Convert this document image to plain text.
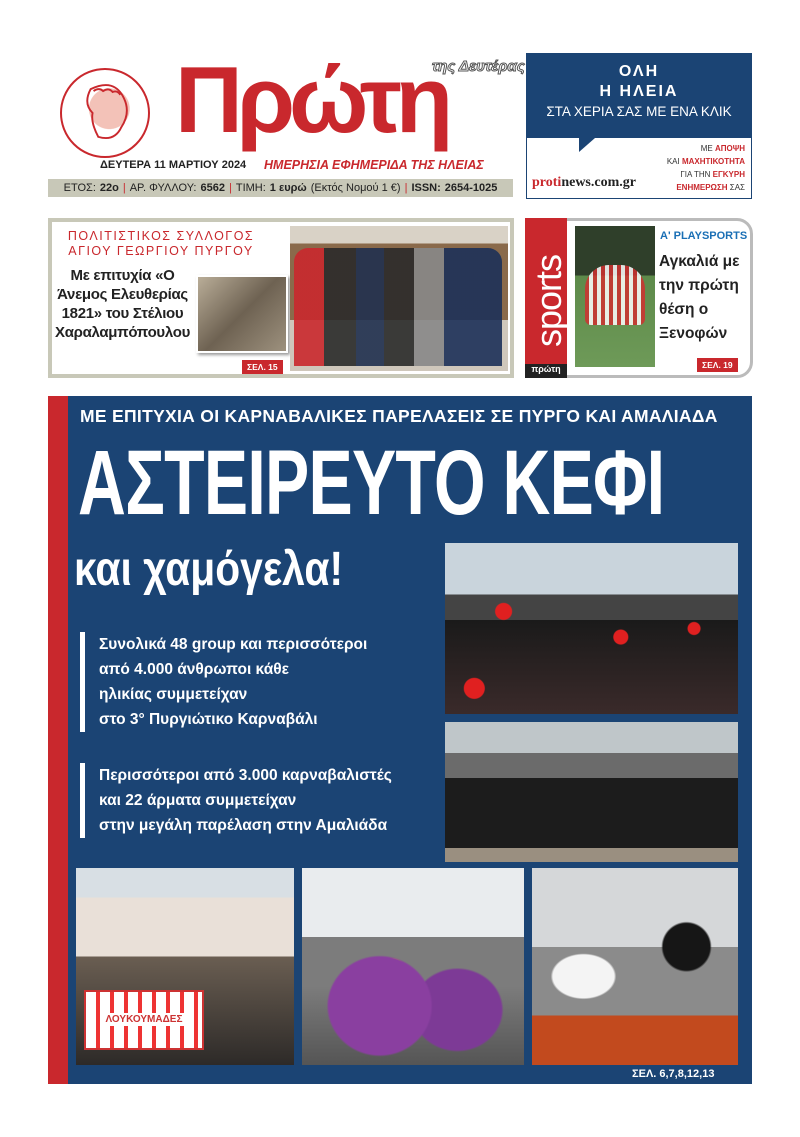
Πρώτη
της Δευτέρας
ΔΕΥΤΕΡΑ 11 ΜΑΡΤΙΟΥ 2024 ΗΜΕΡΗΣΙΑ ΕΦΗΜΕΡΙΔΑ ΤΗΣ ΗΛΕΙΑΣ
ΕΤΟΣ: 22ο | ΑΡ. ΦΥΛΛΟΥ: 6562 | ΤΙΜΗ: 1 ευρώ (Εκτός Νομού 1 €) | ISSN: 2654-1025
ΟΛΗ
Η ΗΛΕΙΑ
ΣΤΑ ΧΕΡΙΑ ΣΑΣ ΜΕ ΕΝΑ ΚΛΙΚ
protinews.com.gr
ΜΕ ΑΠΟΨΗ
ΚΑΙ ΜΑΧΗΤΙΚΟΤΗΤΑ
ΓΙΑ ΤΗΝ ΕΓΚΥΡΗ
ΕΝΗΜΕΡΩΣΗ ΣΑΣ
ΠΟΛΙΤΙΣΤΙΚΟΣ ΣΥΛΛΟΓΟΣ ΑΓΙΟΥ ΓΕΩΡΓΙΟΥ ΠΥΡΓΟΥ
Με επιτυχία «Ο Άνεμος Ελευθερίας 1821» του Στέλιου Χαραλαμπόπουλου
ΣΕΛ. 15
sports
πρώτη
Α' PLAYSPORTS
Αγκαλιά με την πρώτη θέση ο Ξενοφών
ΣΕΛ. 19
ΜΕ ΕΠΙΤΥΧΙΑ ΟΙ ΚΑΡΝΑΒΑΛΙΚΕΣ ΠΑΡΕΛΑΣΕΙΣ ΣΕ ΠΥΡΓΟ ΚΑΙ ΑΜΑΛΙΑΔΑ
ΑΣΤΕΙΡΕΥΤΟ ΚΕΦΙ
και χαμόγελα!
Συνολικά 48 group και περισσότεροι
από 4.000 άνθρωποι κάθε
ηλικίας συμμετείχαν
στο 3° Πυργιώτικο Καρναβάλι
Περισσότεροι από 3.000 καρναβαλιστές
και 22 άρματα συμμετείχαν
στην μεγάλη παρέλαση στην Αμαλιάδα
ΛΟΥΚΟΥΜΑΔΕΣ
ΣΕΛ. 6,7,8,12,13
